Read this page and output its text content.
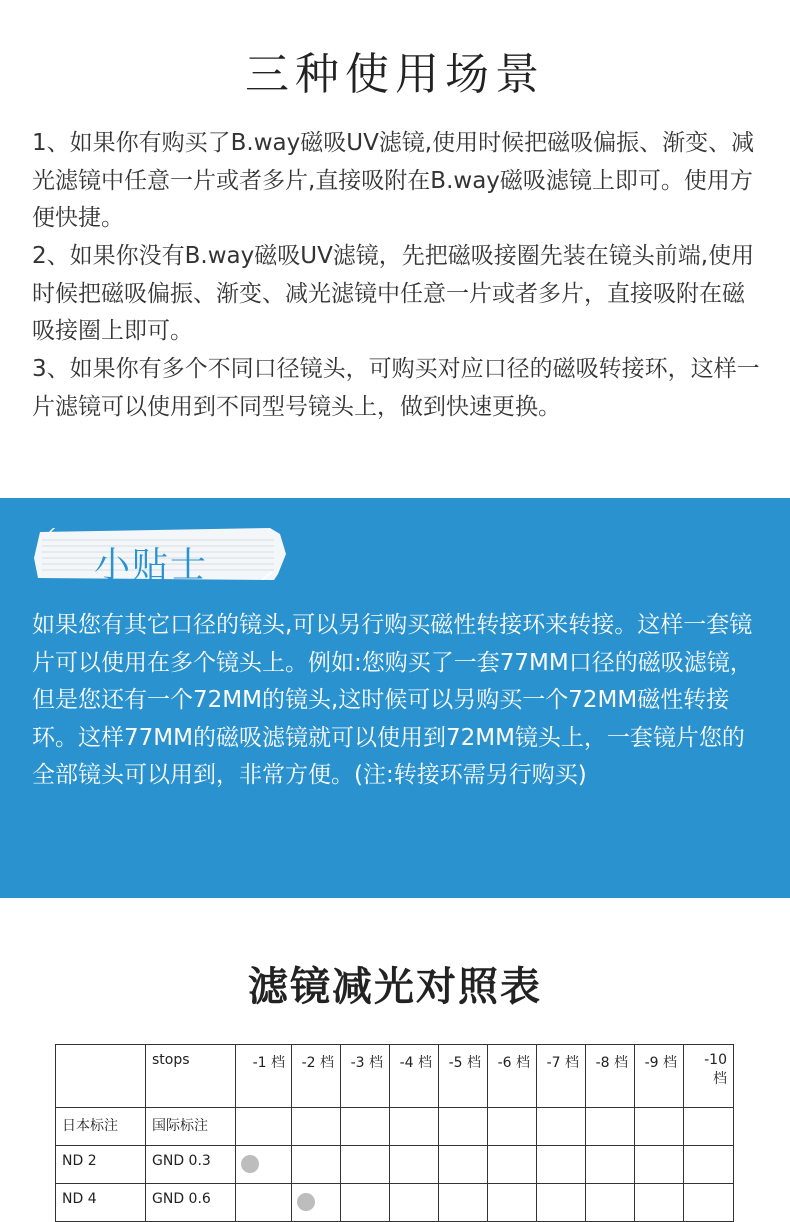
三种使用场景

1、如果你有购买了B.way磁吸UV滤镜,使用时候把磁吸偏振、渐变、减光滤镜中任意一片或者多片,直接吸附在B.way磁吸滤镜上即可。使用方便快捷。

2、如果你没有B.way磁吸UV滤镜，先把磁吸接圈先装在镜头前端,使用时候把磁吸偏振、渐变、减光滤镜中任意一片或者多片，直接吸附在磁吸接圈上即可。

3、如果你有多个不同口径镜头，可购买对应口径的磁吸转接环，这样一片滤镜可以使用到不同型号镜头上，做到快速更换。

小贴士

如果您有其它口径的镜头,可以另行购买磁性转接环来转接。这样一套镜片可以使用在多个镜头上。例如:您购买了一套77MM口径的磁吸滤镜，但是您还有一个72MM的镜头,这时候可以另购买一个72MM磁性转接环。这样77MM的磁吸滤镜就可以使用到72MM镜头上，一套镜片您的全部镜头可以用到，非常方便。(注:转接环需另行购买)

滤镜减光对照表

	stops	-1 档	-2 档	-3 档	-4 档	-5 档	-6 档	-7 档	-8 档	-9 档	-10 档

日本标注	国际标注										

ND 2	GND 0.3										

ND 4	GND 0.6										
